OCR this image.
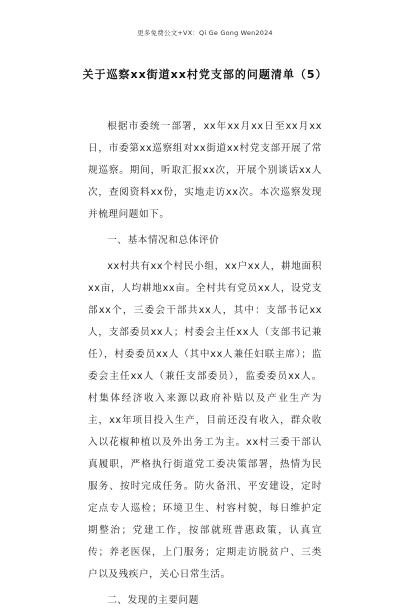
更多免费公文+VX：Qi Ge Gong Wen2024
关于巡察xx街道xx村党支部的问题清单（5）

根据市委统一部署，xx年xx月xx日至xx月xx日，市委第xx巡察组对xx街道xx村党支部开展了常规巡察。期间，听取汇报xx次，开展个别谈话xx人次，查阅资料xx份，实地走访xx次。本次巡察发现并梳理问题如下。

一、基本情况和总体评价

xx村共有xx个村民小组，xx户xx人，耕地面积xx亩，人均耕地xx亩。全村共有党员xx人，设党支部xx个，三委会干部共xx人，其中：支部书记xx人，支部委员xx人；村委会主任xx人（支部书记兼任），村委委员xx人（其中xx人兼任妇联主席）；监委会主任xx人（兼任支部委员），监委委员xx人。村集体经济收入来源以政府补贴以及产业生产为主，xx年项目投入生产，目前还没有收入，群众收入以花椒种植以及外出务工为主。xx村三委干部认真履职，严格执行街道党工委决策部署，热情为民服务、按时完成任务。防火备汛、平安建设，定时定点专人巡检；环境卫生、村容村貌，每日维护定期整治；党建工作，按部就班普惠政策，认真宣传；养老医保，上门服务；定期走访脱贫户、三类户以及残疾户，关心日常生活。

二、发现的主要问题
